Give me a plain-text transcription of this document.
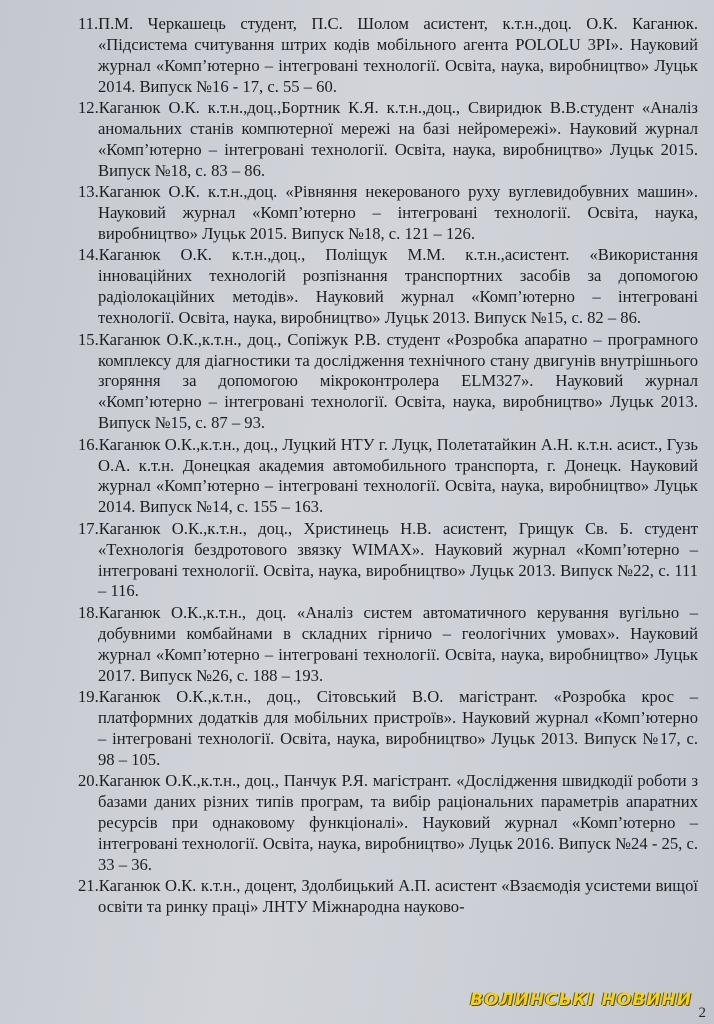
11.П.М. Черкашець студент, П.С. Шолом асистент, к.т.н.,доц. О.К. Каганюк. «Підсистема считування штрих кодів мобільного агента POLOLU 3PI». Науковий журнал «Комп’ютерно – інтегровані технології. Освіта, наука, виробництво» Луцьк 2014. Випуск №16 - 17, с. 55 – 60.
12.Каганюк О.К. к.т.н.,доц.,Бортник К.Я. к.т.н.,доц., Свиридюк В.В.студент «Аналіз аномальних станів компютерної мережі на базі нейромережі». Науковий журнал «Комп’ютерно – інтегровані технології. Освіта, наука, виробництво» Луцьк 2015. Випуск №18, с. 83 – 86.
13.Каганюк О.К. к.т.н.,доц. «Рівняння некерованого руху вуглевидобувних машин». Науковий журнал «Комп’ютерно – інтегровані технології. Освіта, наука, виробництво» Луцьк 2015. Випуск №18, с. 121 – 126.
14.Каганюк О.К. к.т.н.,доц., Поліщук М.М. к.т.н.,асистент. «Використання інноваційних технологій розпізнання транспортних засобів за допомогою радіолокаційних методів». Науковий журнал «Комп’ютерно – інтегровані технології. Освіта, наука, виробництво» Луцьк 2013. Випуск №15, с. 82 – 86.
15.Каганюк О.К.,к.т.н., доц., Сопіжук Р.В. студент «Розробка апаратно – програмного комплексу для діагностики та дослідження технічного стану двигунів внутрішнього згоряння за допомогою мікроконтролера ELM327». Науковий журнал «Комп’ютерно – інтегровані технології. Освіта, наука, виробництво» Луцьк 2013. Випуск №15, с. 87 – 93.
16.Каганюк О.К.,к.т.н., доц., Луцкий НТУ г. Луцк, Полетатайкин А.Н. к.т.н. асист., Гузь О.А. к.т.н. Донецкая академия автомобильного транспорта, г. Донецк. Науковий журнал «Комп’ютерно – інтегровані технології. Освіта, наука, виробництво» Луцьк 2014. Випуск №14, с. 155 – 163.
17.Каганюк О.К.,к.т.н., доц., Христинець Н.В. асистент, Грищук Св. Б. студент «Технологія бездротового звязку WIMAX». Науковий журнал «Комп’ютерно – інтегровані технології. Освіта, наука, виробництво» Луцьк 2013. Випуск №22, с. 111 – 116.
18.Каганюк О.К.,к.т.н., доц. «Аналіз систем автоматичного керування вугільно – добувними комбайнами в складних гірничо – геологічних умовах». Науковий журнал «Комп’ютерно – інтегровані технології. Освіта, наука, виробництво» Луцьк 2017. Випуск №26, с. 188 – 193.
19.Каганюк О.К.,к.т.н., доц., Сітовський В.О. магістрант. «Розробка крос – платформних додатків для мобільних пристроїв». Науковий журнал «Комп’ютерно – інтегровані технології. Освіта, наука, виробництво» Луцьк 2013. Випуск №17, с. 98 – 105.
20.Каганюк О.К.,к.т.н., доц., Панчук Р.Я. магістрант. «Дослідження швидкодії роботи з базами даних різних типів програм, та вибір раціональних параметрів апаратних ресурсів при однаковому функціоналі». Науковий журнал «Комп’ютерно – інтегровані технології. Освіта, наука, виробництво» Луцьк 2016. Випуск №24 - 25, с. 33 – 36.
21.Каганюк О.К. к.т.н., доцент, Здолбицький А.П. асистент «Взаємодія усистеми вищої освіти та ринку праці» ЛНТУ Міжнародна науково-
ВОЛИНСЬКІ НОВИНИ
2
